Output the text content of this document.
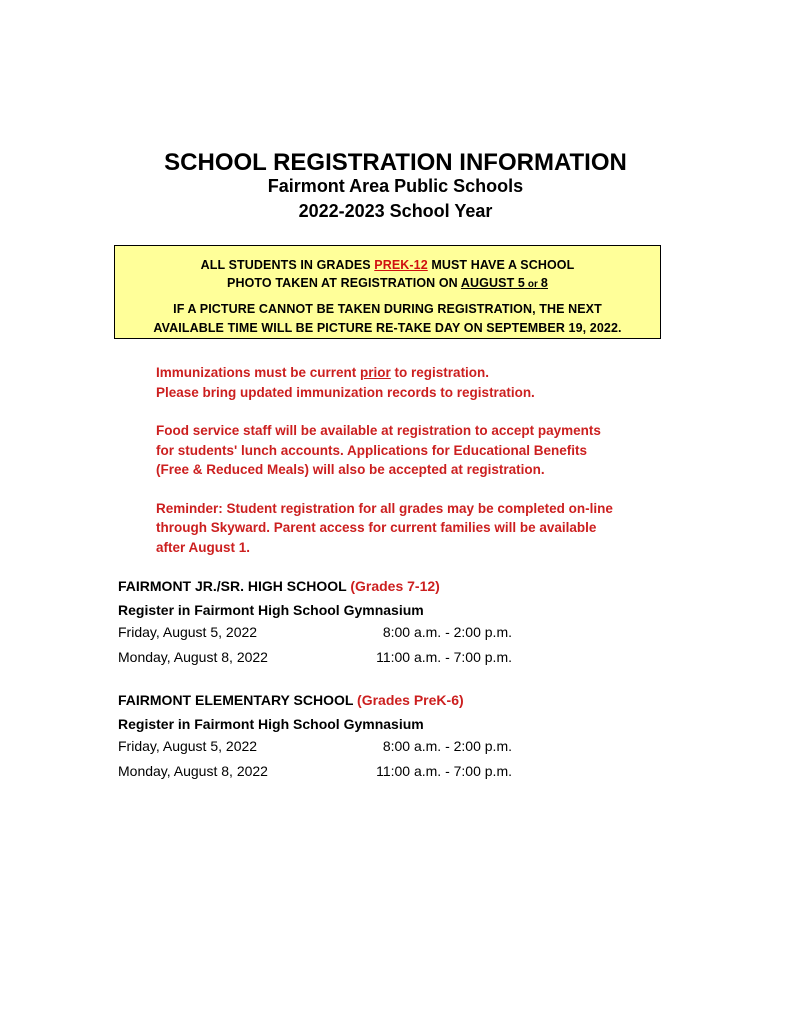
SCHOOL REGISTRATION INFORMATION
Fairmont Area Public Schools
2022-2023 School Year
ALL STUDENTS IN GRADES PREK-12 MUST HAVE A SCHOOL
PHOTO TAKEN AT REGISTRATION ON AUGUST 5 or 8
IF A PICTURE CANNOT BE TAKEN DURING REGISTRATION, THE NEXT
AVAILABLE TIME WILL BE PICTURE RE-TAKE DAY ON SEPTEMBER 19, 2022.
Immunizations must be current prior to registration.
Please bring updated immunization records to registration.
Food service staff will be available at registration to accept payments
for students' lunch accounts. Applications for Educational Benefits
(Free & Reduced Meals) will also be accepted at registration.
Reminder: Student registration for all grades may be completed on-line
through Skyward. Parent access for current families will be available
after August 1.
FAIRMONT JR./SR. HIGH SCHOOL (Grades 7-12)
Register in Fairmont High School Gymnasium
Friday, August 5, 2022	8:00 a.m. - 2:00 p.m.
Monday, August 8, 2022	11:00 a.m. - 7:00 p.m.
FAIRMONT ELEMENTARY SCHOOL (Grades PreK-6)
Register in Fairmont High School Gymnasium
Friday, August 5, 2022	8:00 a.m. - 2:00 p.m.
Monday, August 8, 2022	11:00 a.m. - 7:00 p.m.
